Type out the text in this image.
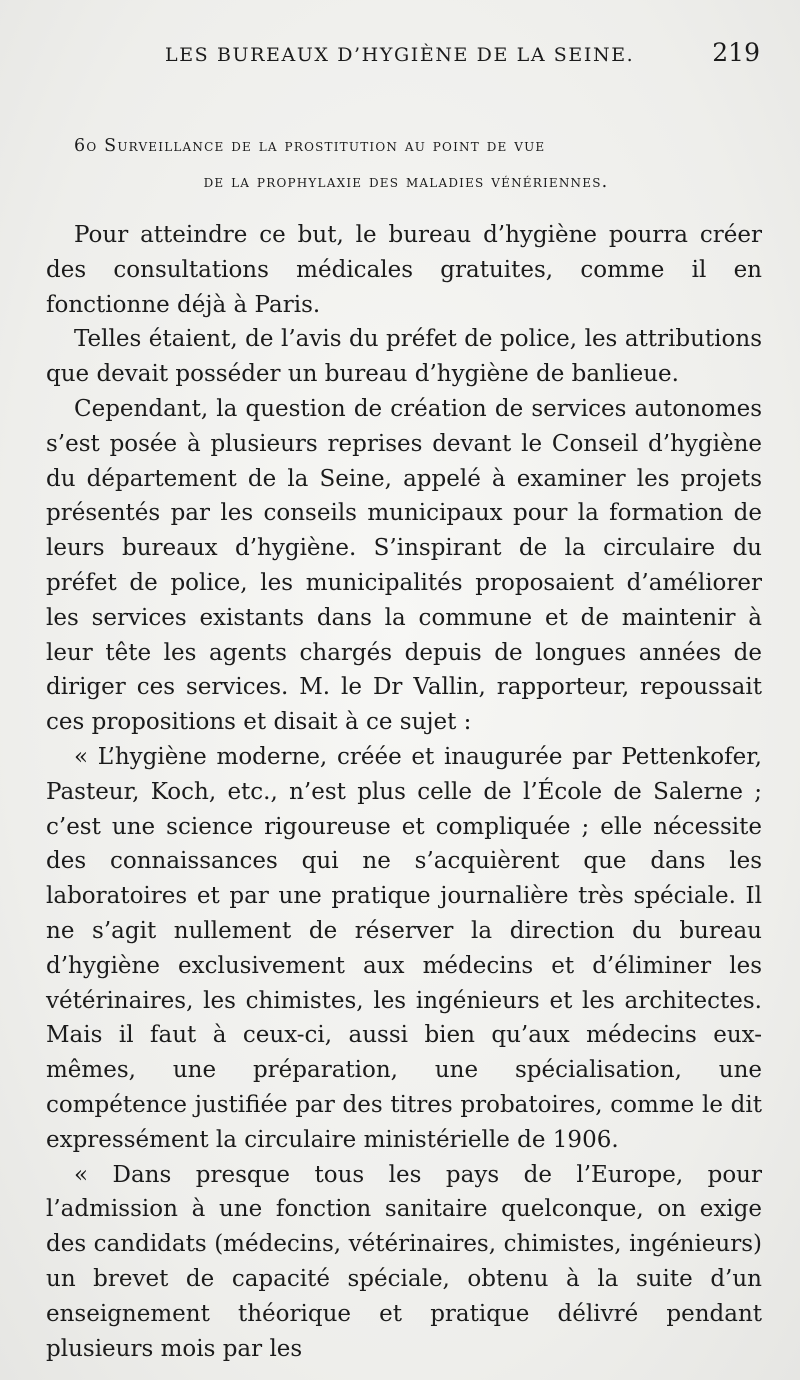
LES BUREAUX D’HYGIÈNE DE LA SEINE.	219
6o Surveillance de la prostitution au point de vue
de la prophylaxie des maladies vénériennes.

Pour atteindre ce but, le bureau d’hygiène pourra créer des consultations médicales gratuites, comme il en fonctionne déjà à Paris.

Telles étaient, de l’avis du préfet de police, les attributions que devait posséder un bureau d’hygiène de banlieue.

Cependant, la question de création de services autonomes s’est posée à plusieurs reprises devant le Conseil d’hygiène du département de la Seine, appelé à examiner les projets présentés par les conseils municipaux pour la formation de leurs bureaux d’hygiène. S’inspirant de la circulaire du préfet de police, les municipalités proposaient d’améliorer les services existants dans la commune et de maintenir à leur tête les agents chargés depuis de longues années de diriger ces services. M. le Dr Vallin, rapporteur, repoussait ces propositions et disait à ce sujet :

« L’hygiène moderne, créée et inaugurée par Pettenkofer, Pasteur, Koch, etc., n’est plus celle de l’École de Salerne ; c’est une science rigoureuse et compliquée ; elle nécessite des connaissances qui ne s’acquièrent que dans les laboratoires et par une pratique journalière très spéciale. Il ne s’agit nullement de réserver la direction du bureau d’hygiène exclusivement aux médecins et d’éliminer les vétérinaires, les chimistes, les ingénieurs et les architectes. Mais il faut à ceux-ci, aussi bien qu’aux médecins eux-mêmes, une préparation, une spécialisation, une compétence justifiée par des titres probatoires, comme le dit expressément la circulaire ministérielle de 1906.

« Dans presque tous les pays de l’Europe, pour l’admission à une fonction sanitaire quelconque, on exige des candidats (médecins, vétérinaires, chimistes, ingénieurs) un brevet de capacité spéciale, obtenu à la suite d’un enseignement théorique et pratique délivré pendant plusieurs mois par les
